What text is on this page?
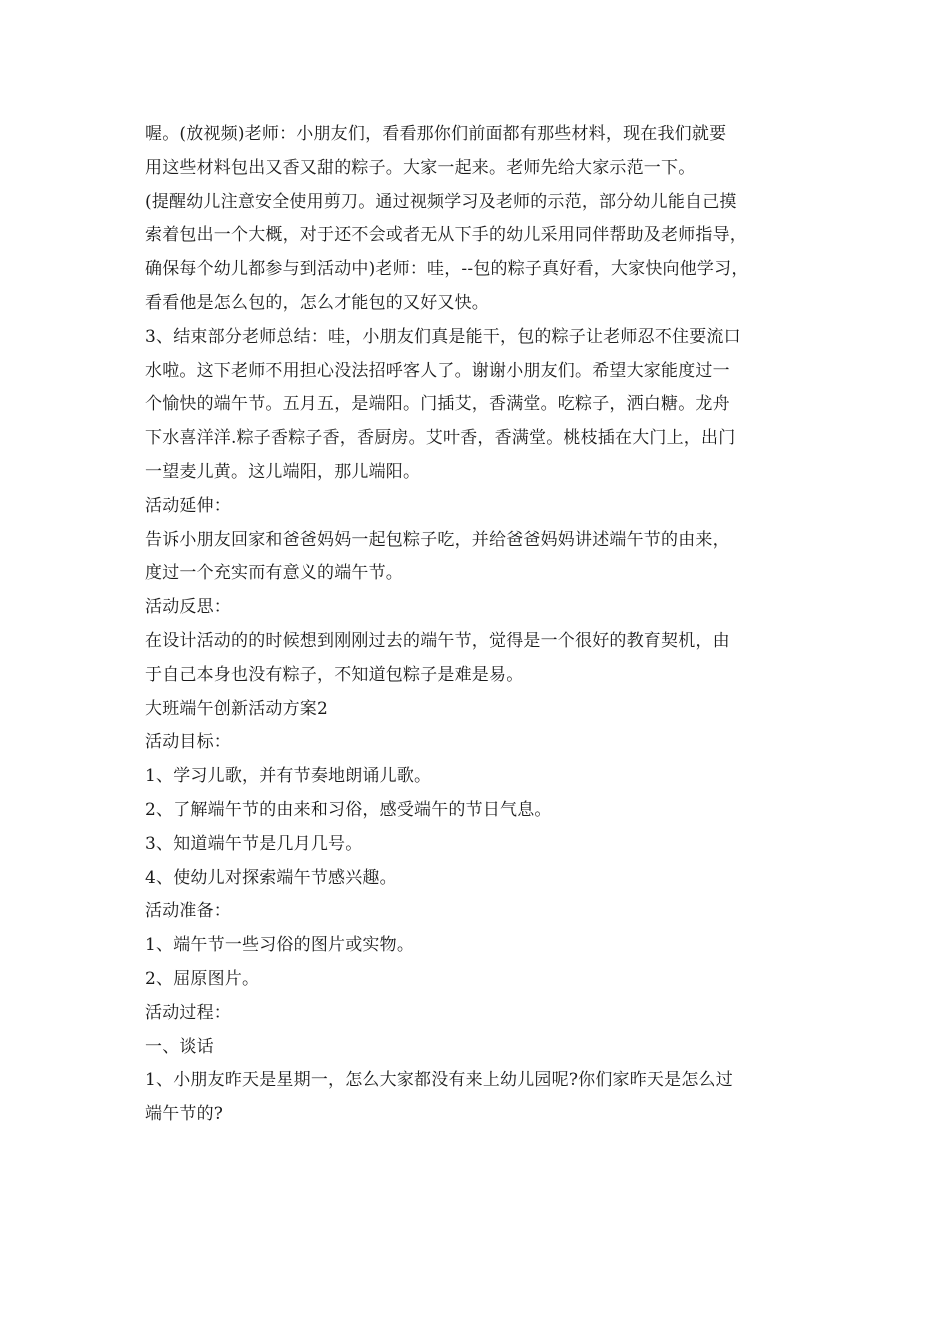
喔。(放视频)老师：小朋友们，看看那你们前面都有那些材料，现在我们就要
用这些材料包出又香又甜的粽子。大家一起来。老师先给大家示范一下。
(提醒幼儿注意安全使用剪刀。通过视频学习及老师的示范，部分幼儿能自己摸
索着包出一个大概，对于还不会或者无从下手的幼儿采用同伴帮助及老师指导，
确保每个幼儿都参与到活动中)老师：哇，--包的粽子真好看，大家快向他学习，
看看他是怎么包的，怎么才能包的又好又快。
3、结束部分老师总结：哇，小朋友们真是能干，包的粽子让老师忍不住要流口
水啦。这下老师不用担心没法招呼客人了。谢谢小朋友们。希望大家能度过一
个愉快的端午节。五月五，是端阳。门插艾，香满堂。吃粽子，洒白糖。龙舟
下水喜洋洋.粽子香粽子香，香厨房。艾叶香，香满堂。桃枝插在大门上，出门
一望麦儿黄。这儿端阳，那儿端阳。
活动延伸：
告诉小朋友回家和爸爸妈妈一起包粽子吃，并给爸爸妈妈讲述端午节的由来，
度过一个充实而有意义的端午节。
活动反思：
在设计活动的的时候想到刚刚过去的端午节，觉得是一个很好的教育契机，由
于自己本身也没有粽子，不知道包粽子是难是易。
大班端午创新活动方案2
活动目标：
1、学习儿歌，并有节奏地朗诵儿歌。
2、了解端午节的由来和习俗，感受端午的节日气息。
3、知道端午节是几月几号。
4、使幼儿对探索端午节感兴趣。
活动准备：
1、端午节一些习俗的图片或实物。
2、屈原图片。
活动过程：
一、谈话
1、小朋友昨天是星期一，怎么大家都没有来上幼儿园呢?你们家昨天是怎么过
端午节的?
